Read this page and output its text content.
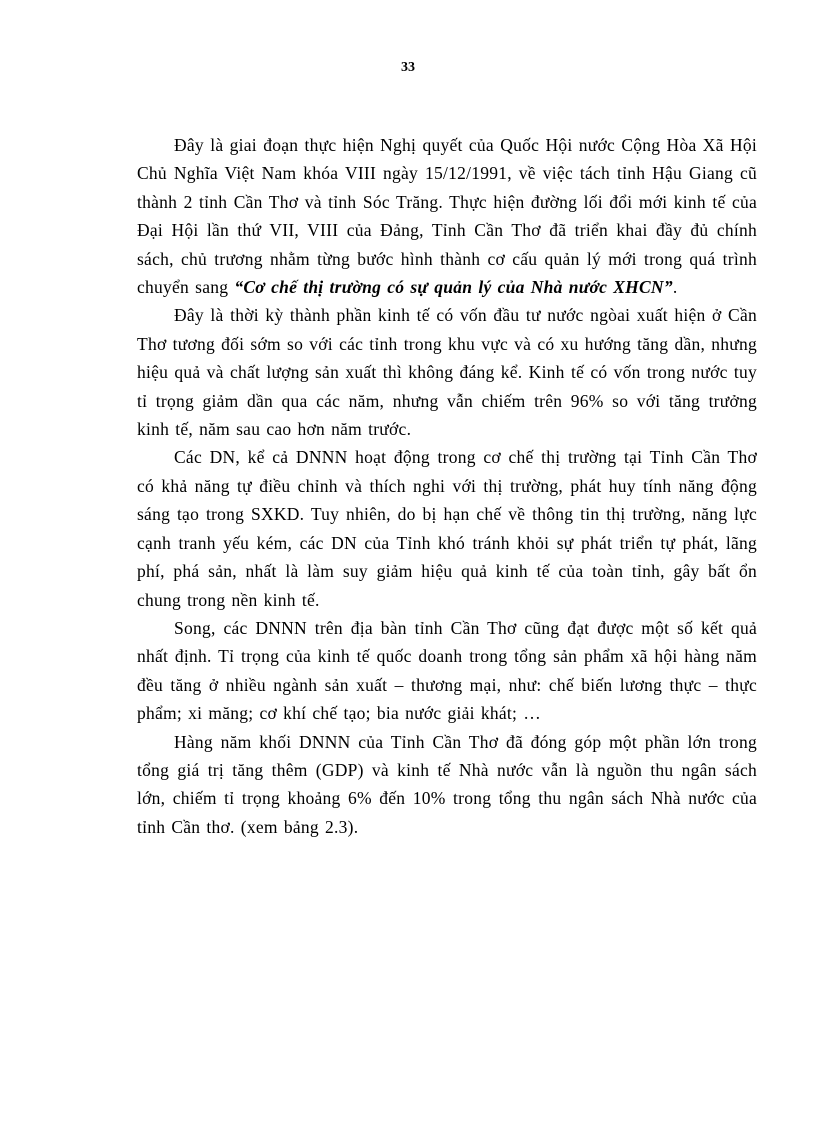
33

Đây là giai đoạn thực hiện Nghị quyết của Quốc Hội nước Cộng Hòa Xã Hội Chủ Nghĩa Việt Nam khóa VIII ngày 15/12/1991, về việc tách tỉnh Hậu Giang cũ thành 2 tỉnh Cần Thơ và tỉnh Sóc Trăng. Thực hiện đường lối đổi mới kinh tế của Đại Hội lần thứ VII, VIII của Đảng, Tỉnh Cần Thơ đã triển khai đầy đủ chính sách, chủ trương nhằm từng bước hình thành cơ cấu quản lý mới trong quá trình chuyển sang “Cơ chế thị trường có sự quản lý của Nhà nước XHCN”.

Đây là thời kỳ thành phần kinh tế có vốn đầu tư nước ngòai xuất hiện ở Cần Thơ tương đối sớm so với các tỉnh trong khu vực và có xu hướng tăng dần, nhưng hiệu quả và chất lượng sản xuất thì không đáng kể. Kinh tế có vốn trong nước tuy tỉ trọng giảm dần qua các năm, nhưng vẫn chiếm trên 96% so với tăng trưởng kinh tế, năm sau cao hơn năm trước.

Các DN, kể cả DNNN hoạt động trong cơ chế thị trường tại Tỉnh Cần Thơ có khả năng tự điều chỉnh và thích nghi với thị trường, phát huy tính năng động sáng tạo trong SXKD. Tuy nhiên, do bị hạn chế về thông tin thị trường, năng lực cạnh tranh yếu kém, các DN của Tỉnh khó tránh khỏi sự phát triển tự phát, lãng phí, phá sản, nhất là làm suy giảm hiệu quả kinh tế của toàn tỉnh, gây bất ổn chung trong nền kinh tế.

Song, các DNNN trên địa bàn tỉnh Cần Thơ cũng đạt được một số kết quả nhất định. Tỉ trọng của kinh tế quốc doanh trong tổng sản phẩm xã hội hàng năm đều tăng ở nhiều ngành sản xuất – thương mại, như: chế biến lương thực – thực phẩm; xi măng; cơ khí chế tạo; bia nước giải khát; …

Hàng năm khối DNNN của Tỉnh Cần Thơ đã đóng góp một phần lớn trong tổng giá trị tăng thêm (GDP) và kinh tế Nhà nước vẫn là nguồn thu ngân sách lớn, chiếm tỉ trọng khoảng 6% đến 10% trong tổng thu ngân sách Nhà nước của tỉnh Cần thơ. (xem bảng 2.3).
